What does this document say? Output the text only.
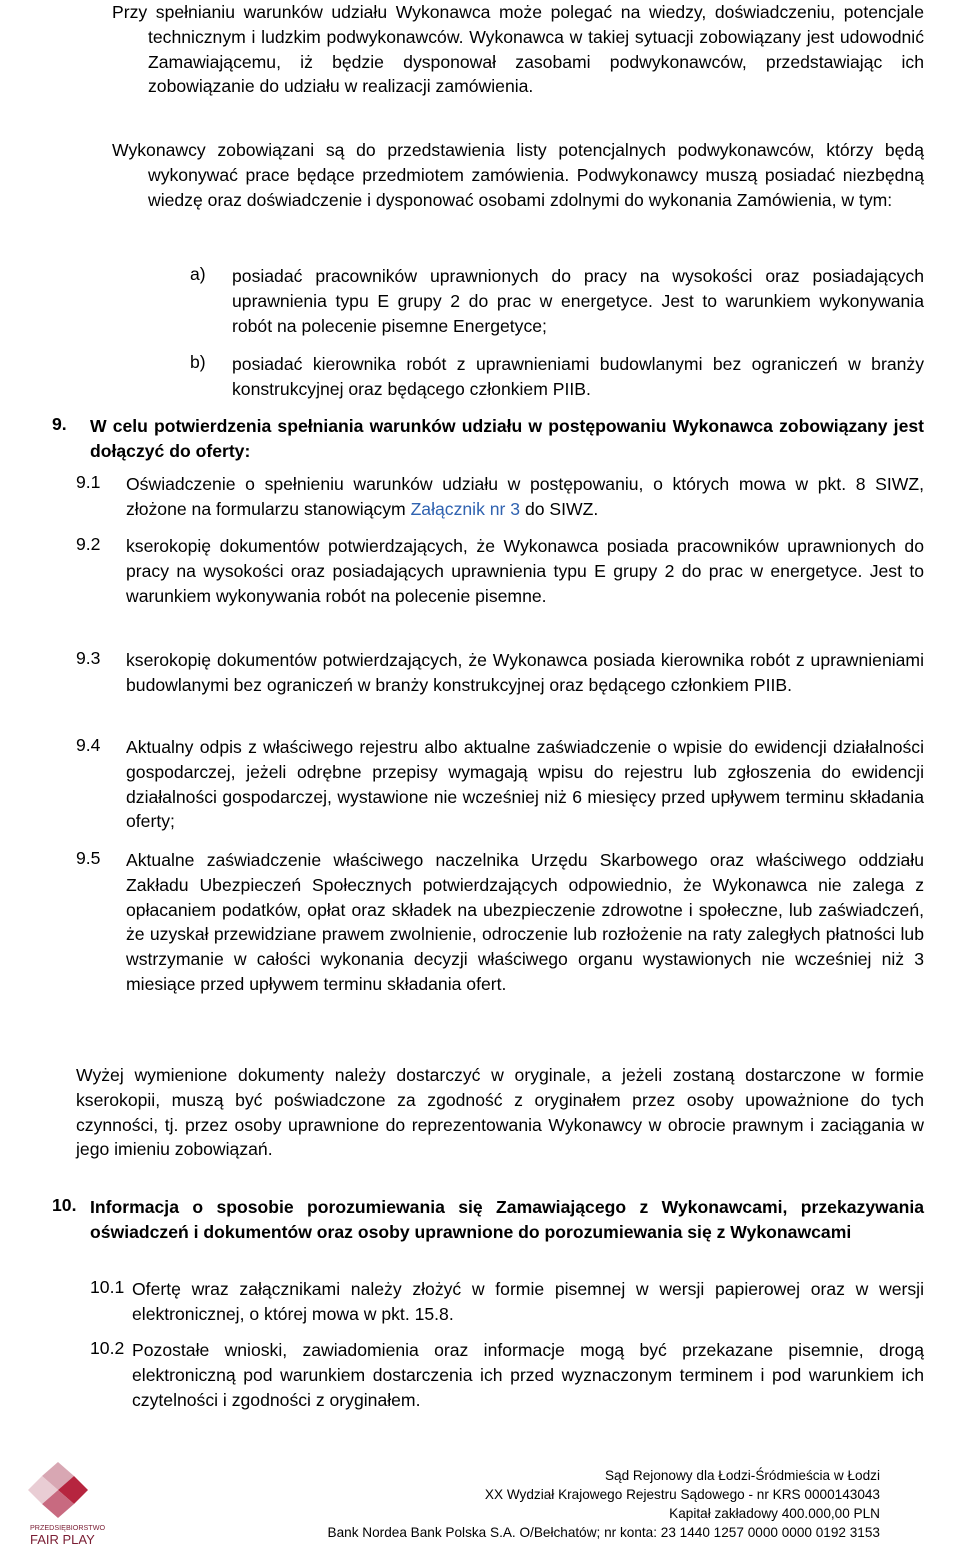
Przy spełnianiu warunków udziału Wykonawca może polegać na wiedzy, doświadczeniu, potencjale technicznym i ludzkim podwykonawców. Wykonawca w takiej sytuacji zobowiązany jest udowodnić Zamawiającemu, iż będzie dysponował zasobami podwykonawców, przedstawiając ich zobowiązanie do udziału w realizacji zamówienia.

Wykonawcy zobowiązani są do przedstawienia listy potencjalnych podwykonawców, którzy będą wykonywać prace będące przedmiotem zamówienia. Podwykonawcy muszą posiadać niezbędną wiedzę oraz doświadczenie i dysponować osobami zdolnymi do wykonania Zamówienia, w tym:

a) posiadać pracowników uprawnionych do pracy na wysokości oraz posiadających uprawnienia typu E grupy 2 do prac w energetyce. Jest to warunkiem wykonywania robót na polecenie pisemne Energetyce;

b) posiadać kierownika robót z uprawnieniami budowlanymi bez ograniczeń w branży konstrukcyjnej oraz będącego członkiem PIIB.

9. W celu potwierdzenia spełniania warunków udziału w postępowaniu Wykonawca zobowiązany jest dołączyć do oferty:

9.1 Oświadczenie o spełnieniu warunków udziału w postępowaniu, o których mowa w pkt. 8 SIWZ, złożone na formularzu stanowiącym Załącznik nr 3 do SIWZ.

9.2 kserokopię dokumentów potwierdzających, że Wykonawca posiada pracowników uprawnionych do pracy na wysokości oraz posiadających uprawnienia typu E grupy 2 do prac w energetyce. Jest to warunkiem wykonywania robót na polecenie pisemne.

9.3 kserokopię dokumentów potwierdzających, że Wykonawca posiada kierownika robót z uprawnieniami budowlanymi bez ograniczeń w branży konstrukcyjnej oraz będącego członkiem PIIB.

9.4 Aktualny odpis z właściwego rejestru albo aktualne zaświadczenie o wpisie do ewidencji działalności gospodarczej, jeżeli odrębne przepisy wymagają wpisu do rejestru lub zgłoszenia do ewidencji działalności gospodarczej, wystawione nie wcześniej niż 6 miesięcy przed upływem terminu składania oferty;

9.5 Aktualne zaświadczenie właściwego naczelnika Urzędu Skarbowego oraz właściwego oddziału Zakładu Ubezpieczeń Społecznych potwierdzających odpowiednio, że Wykonawca nie zalega z opłacaniem podatków, opłat oraz składek na ubezpieczenie zdrowotne i społeczne, lub zaświadczeń, że uzyskał przewidziane prawem zwolnienie, odroczenie lub rozłożenie na raty zaległych płatności lub wstrzymanie w całości wykonania decyzji właściwego organu wystawionych nie wcześniej niż 3 miesiące przed upływem terminu składania ofert.

Wyżej wymienione dokumenty należy dostarczyć w oryginale, a jeżeli zostaną dostarczone w formie kserokopii, muszą być poświadczone za zgodność z oryginałem przez osoby upoważnione do tych czynności, tj. przez osoby uprawnione do reprezentowania Wykonawcy w obrocie prawnym i zaciągania w jego imieniu zobowiązań.

10. Informacja o sposobie porozumiewania się Zamawiającego z Wykonawcami, przekazywania oświadczeń i dokumentów oraz osoby uprawnione do porozumiewania się z Wykonawcami

10.1 Ofertę wraz załącznikami należy złożyć w formie pisemnej w wersji papierowej oraz w wersji elektronicznej, o której mowa w pkt. 15.8.

10.2 Pozostałe wnioski, zawiadomienia oraz informacje mogą być przekazane pisemnie, drogą elektroniczną pod warunkiem dostarczenia ich przed wyznaczonym terminem i pod warunkiem ich czytelności i zgodności z oryginałem.

PRZEDSIĘBIORSTWO
FAIR PLAY
Sąd Rejonowy dla Łodzi-Śródmieścia w Łodzi
XX Wydział Krajowego Rejestru Sądowego - nr KRS 0000143043
Kapitał zakładowy 400.000,00 PLN
Bank Nordea Bank Polska S.A. O/Bełchatów; nr konta: 23 1440 1257 0000 0000 0192 3153
